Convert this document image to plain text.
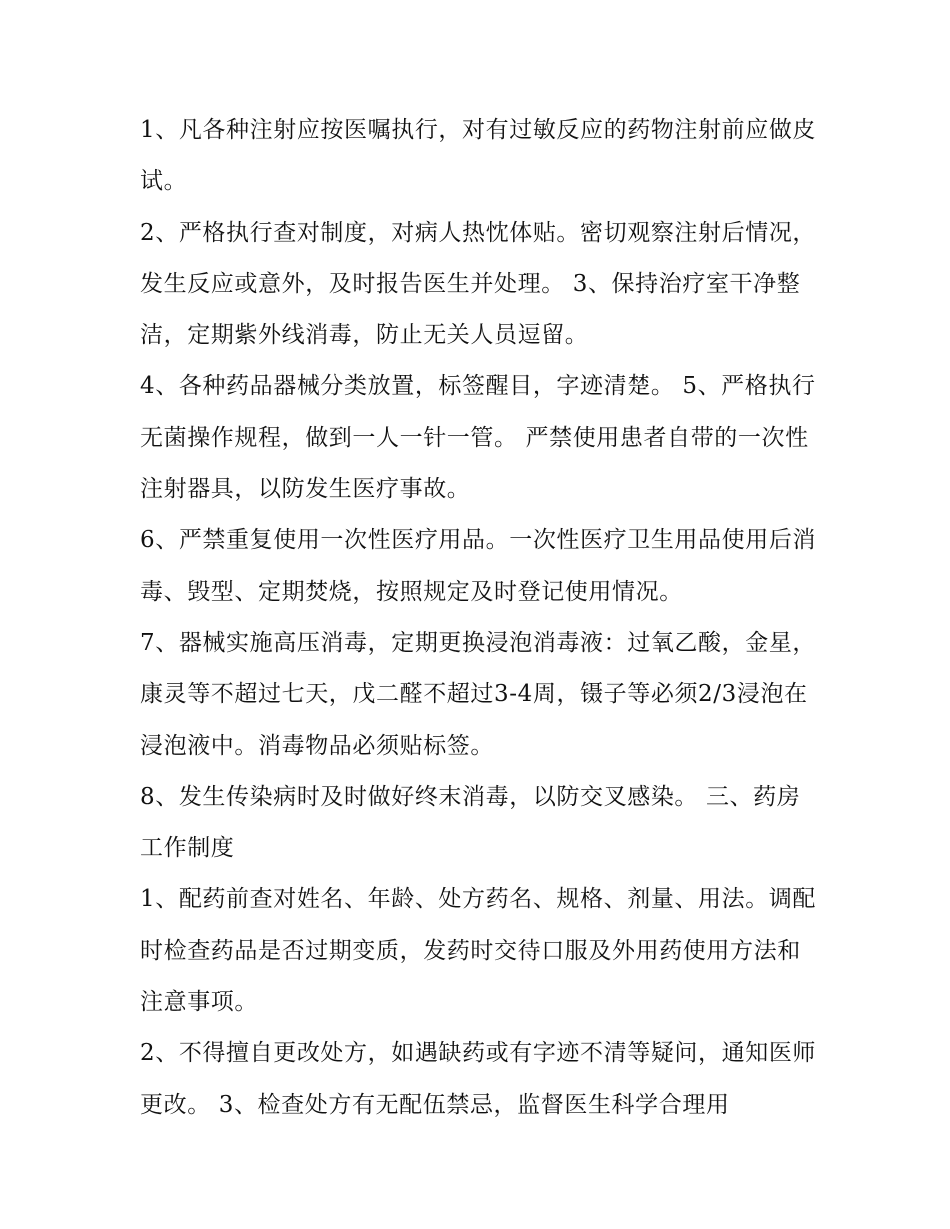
1、凡各种注射应按医嘱执行，对有过敏反应的药物注射前应做皮试。

2、严格执行查对制度，对病人热忱体贴。密切观察注射后情况，发生反应或意外，及时报告医生并处理。 3、保持治疗室干净整洁，定期紫外线消毒，防止无关人员逗留。

4、各种药品器械分类放置，标签醒目，字迹清楚。 5、严格执行无菌操作规程，做到一人一针一管。 严禁使用患者自带的一次性注射器具，以防发生医疗事故。

6、严禁重复使用一次性医疗用品。一次性医疗卫生用品使用后消毒、毁型、定期焚烧，按照规定及时登记使用情况。

7、器械实施高压消毒，定期更换浸泡消毒液：过氧乙酸，金星，康灵等不超过七天，戊二醛不超过3-4周，镊子等必须2/3浸泡在浸泡液中。消毒物品必须贴标签。

8、发生传染病时及时做好终末消毒，以防交叉感染。 三、药房工作制度

1、配药前查对姓名、年龄、处方药名、规格、剂量、用法。调配时检查药品是否过期变质，发药时交待口服及外用药使用方法和注意事项。

2、不得擅自更改处方，如遇缺药或有字迹不清等疑问，通知医师更改。 3、检查处方有无配伍禁忌，监督医生科学合理用
